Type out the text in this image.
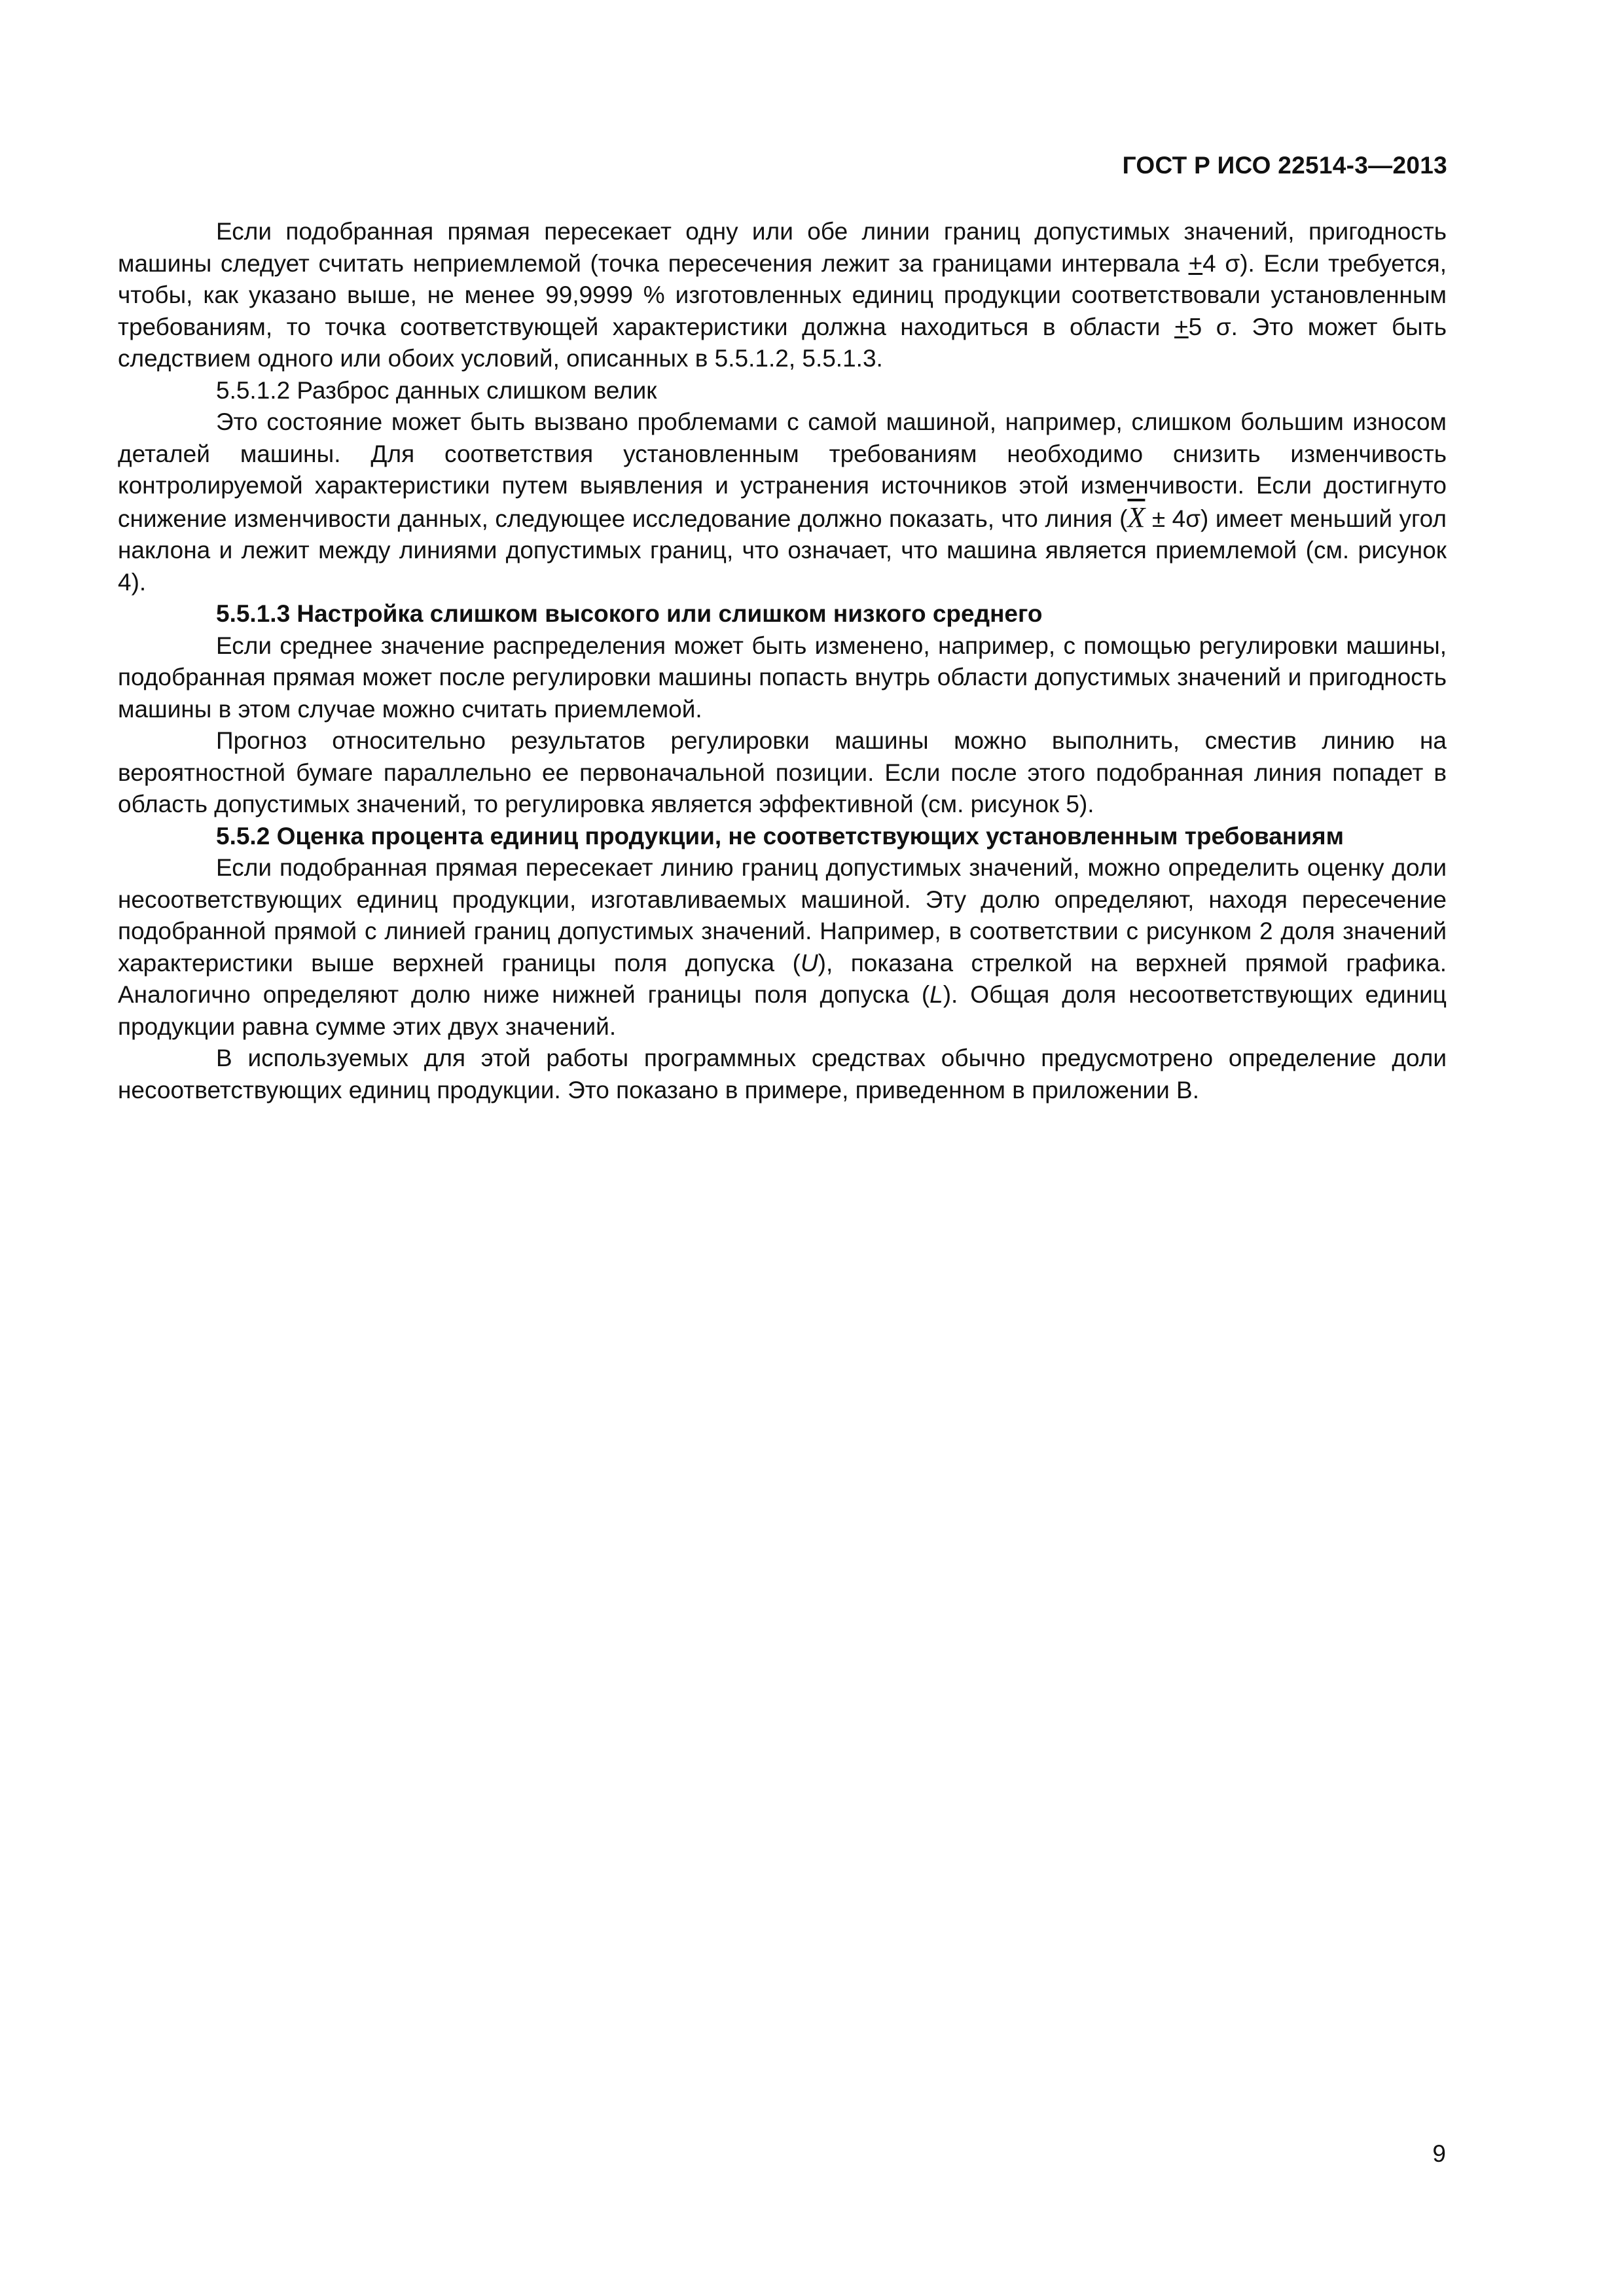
ГОСТ Р ИСО 22514-3—2013

Если подобранная прямая пересекает одну или обе линии границ допустимых значений, пригодность машины следует считать неприемлемой (точка пересечения лежит за границами интервала +4 σ). Если требуется, чтобы, как указано выше, не менее 99,9999 % изготовленных единиц продукции соответствовали установленным требованиям, то точка соответствующей характеристики должна находиться в области +5 σ. Это может быть следствием одного или обоих условий, описанных в 5.5.1.2, 5.5.1.3.

5.5.1.2 Разброс данных слишком велик

Это состояние может быть вызвано проблемами с самой машиной, например, слишком большим износом деталей машины. Для соответствия установленным требованиям необходимо снизить изменчивость контролируемой характеристики путем выявления и устранения источников этой изменчивости. Если достигнуто снижение изменчивости данных, следующее исследование должно показать, что линия $(\overline{X} \pm 4\sigma)$ имеет меньший угол наклона и лежит между линиями допустимых границ, что означает, что машина является приемлемой (см. рисунок 4).

5.5.1.3 Настройка слишком высокого или слишком низкого среднего

Если среднее значение распределения может быть изменено, например, с помощью регулировки машины, подобранная прямая может после регулировки машины попасть внутрь области допустимых значений и пригодность машины в этом случае можно считать приемлемой.

Прогноз относительно результатов регулировки машины можно выполнить, сместив линию на вероятностной бумаге параллельно ее первоначальной позиции. Если после этого подобранная линия попадет в область допустимых значений, то регулировка является эффективной (см. рисунок 5).

5.5.2 Оценка процента единиц продукции, не соответствующих установленным требованиям

Если подобранная прямая пересекает линию границ допустимых значений, можно определить оценку доли несоответствующих единиц продукции, изготавливаемых машиной. Эту долю определяют, находя пересечение подобранной прямой с линией границ допустимых значений. Например, в соответствии с рисунком 2 доля значений характеристики выше верхней границы поля допуска (U), показана стрелкой на верхней прямой графика. Аналогично определяют долю ниже нижней границы поля допуска (L). Общая доля несоответствующих единиц продукции равна сумме этих двух значений.

В используемых для этой работы программных средствах обычно предусмотрено определение доли несоответствующих единиц продукции. Это показано в примере, приведенном в приложении В.

9
